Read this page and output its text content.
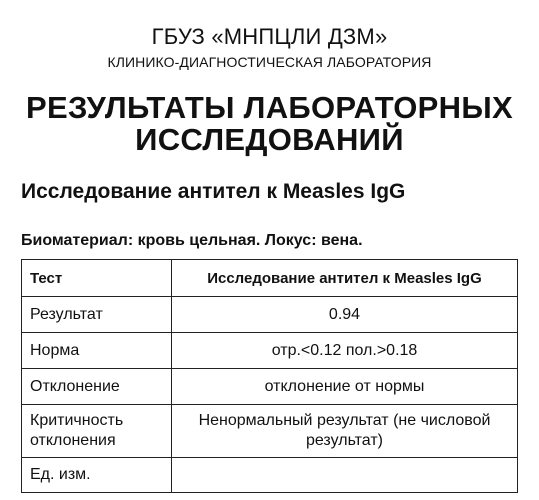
ГБУЗ «МНПЦЛИ ДЗМ»
КЛИНИКО-ДИАГНОСТИЧЕСКАЯ ЛАБОРАТОРИЯ
РЕЗУЛЬТАТЫ ЛАБОРАТОРНЫХ ИССЛЕДОВАНИЙ
Исследование антител к Measles IgG
Биоматериал: кровь цельная. Локус: вена.
Тест	Исследование антител к Measles IgG
Результат	0.94
Норма	отр.<0.12 пол.>0.18
Отклонение	отклонение от нормы
Критичность отклонения	Ненормальный результат (не числовой результат)
Ед. изм.	
